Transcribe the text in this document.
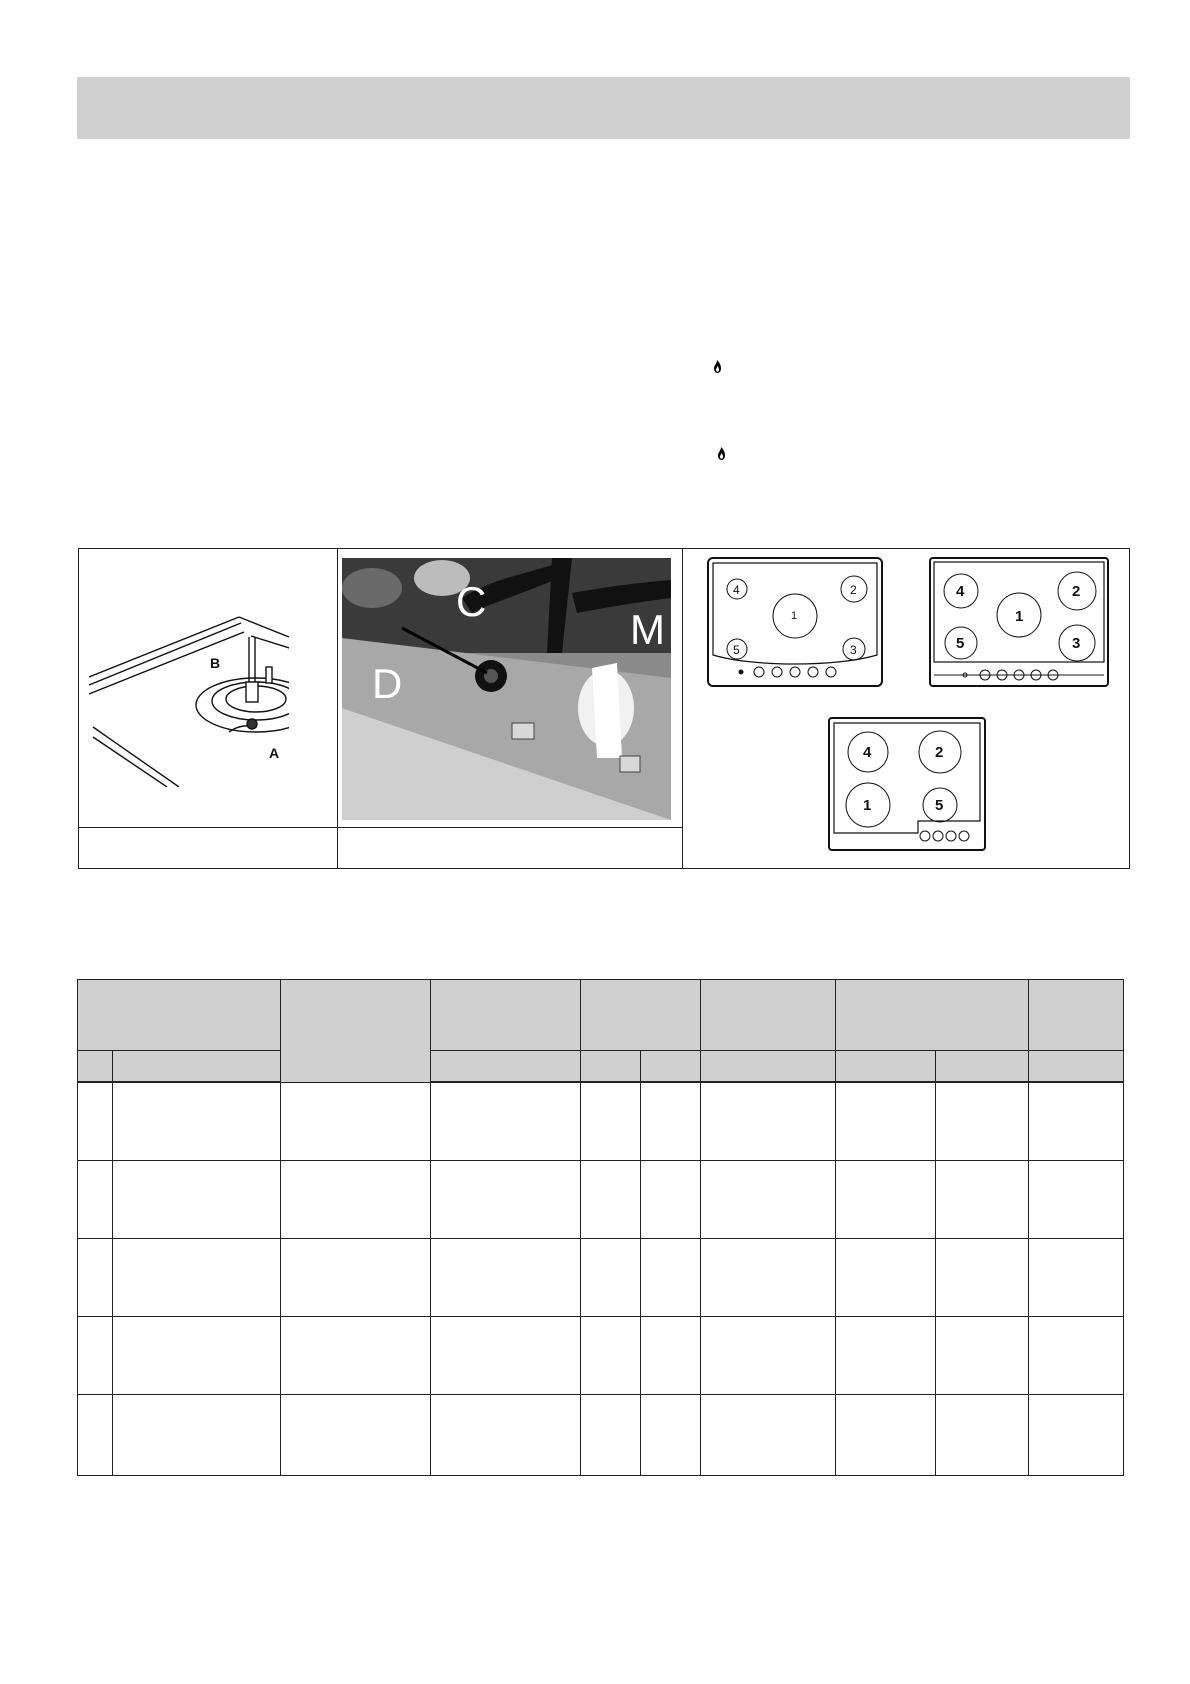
B
A
C
D
M	1
2
3
4
5
1
2
3
4
5
4	2
1	5
